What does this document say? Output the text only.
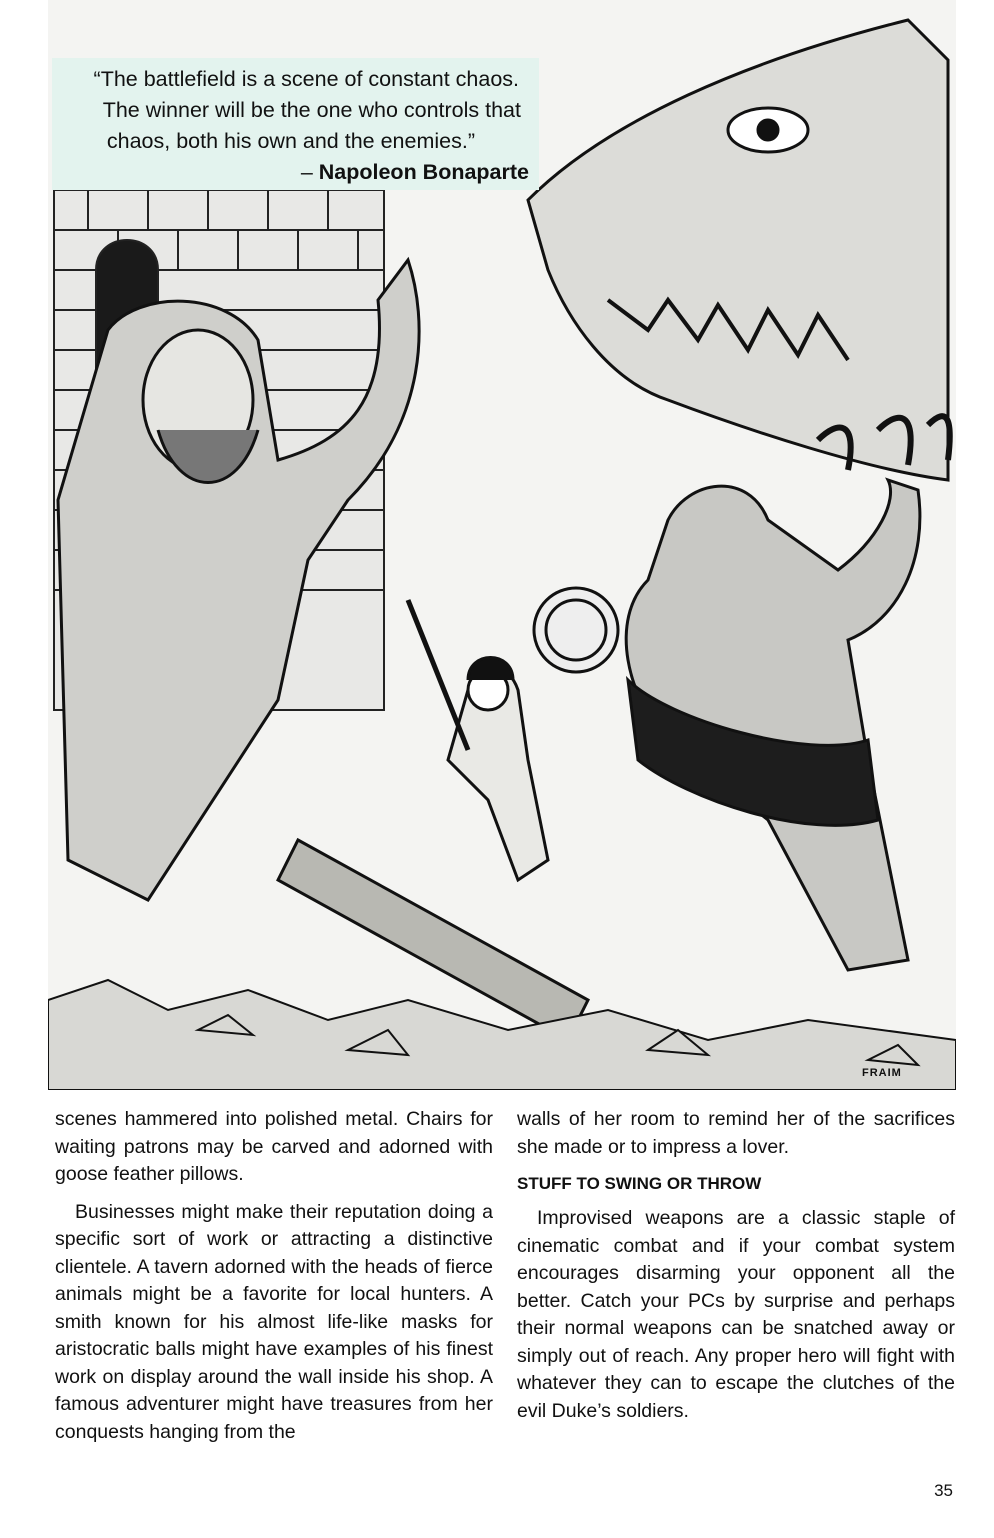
FRAIM
“The battlefield is a scene of constant chaos.
The winner will be the one who controls that
chaos, both his own and the enemies.”
– Napoleon Bonaparte

scenes hammered into polished metal. Chairs for waiting patrons may be carved and adorned with goose feather pillows.

Businesses might make their reputation doing a specific sort of work or attracting a distinctive clientele. A tavern adorned with the heads of fierce animals might be a favorite for local hunters. A smith known for his almost life-like masks for aristocratic balls might have examples of his finest work on display around the wall inside his shop. A famous adventurer might have treasures from her conquests hanging from the

walls of her room to remind her of the sacrifices she made or to impress a lover.

STUFF TO SWING OR THROW

Improvised weapons are a classic staple of cinematic combat and if your combat system encourages disarming your opponent all the better. Catch your PCs by surprise and perhaps their normal weapons can be snatched away or simply out of reach. Any proper hero will fight with whatever they can to escape the clutches of the evil Duke’s soldiers.

35
